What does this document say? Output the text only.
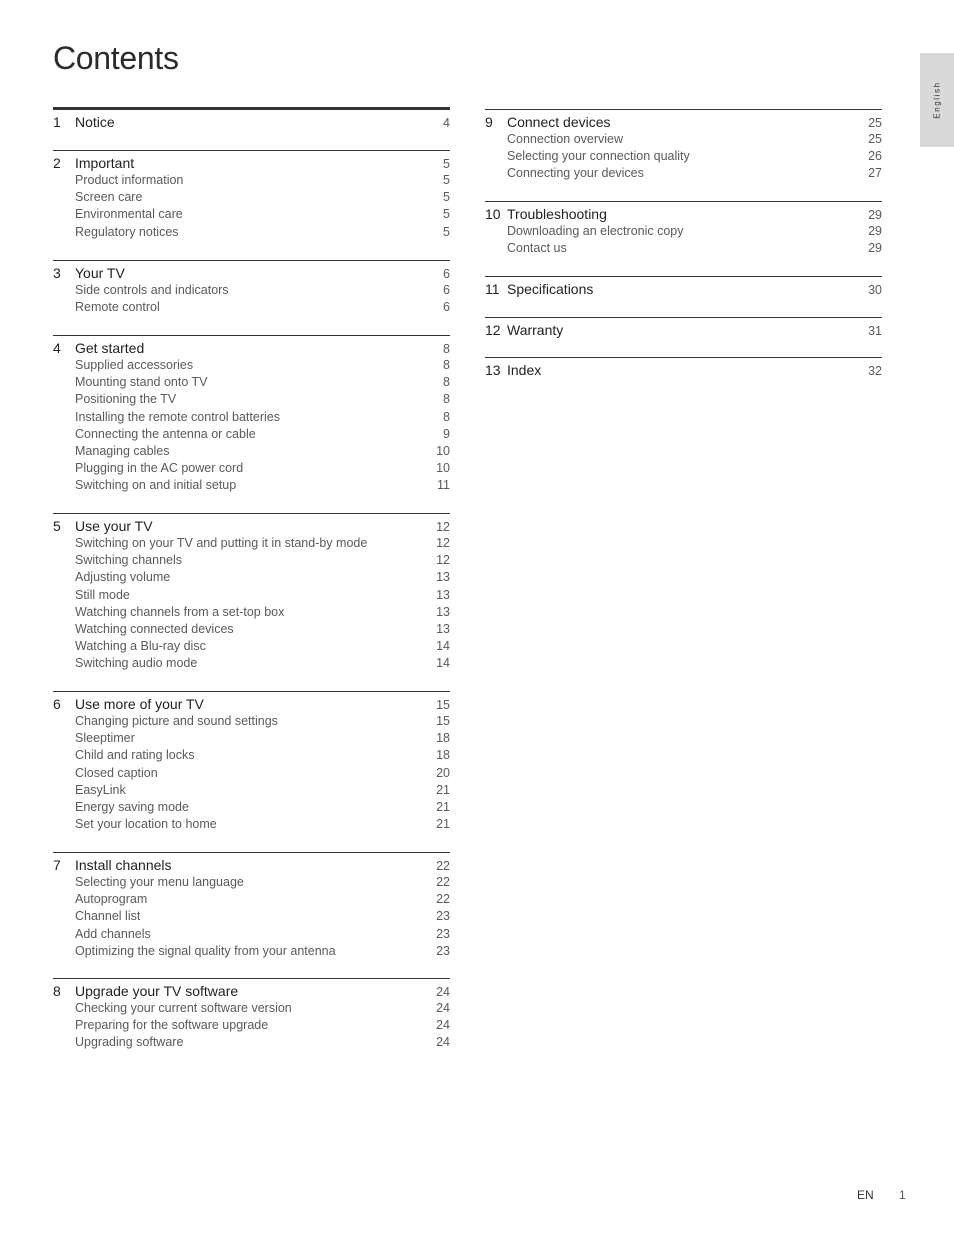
Contents
English
1 Notice	4
2 Important	5
Product information	5
Screen care	5
Environmental care	5
Regulatory notices	5
3 Your TV	6
Side controls and indicators	6
Remote control	6
4 Get started	8
Supplied accessories	8
Mounting stand onto TV	8
Positioning the TV	8
Installing the remote control batteries	8
Connecting the antenna or cable	9
Managing cables	10
Plugging in the AC power cord	10
Switching on and initial setup	11
5 Use your TV	12
Switching on your TV and putting it in stand-by mode	12
Switching channels	12
Adjusting volume	13
Still mode	13
Watching channels from a set-top box	13
Watching connected devices	13
Watching a Blu-ray disc	14
Switching audio mode	14
6 Use more of your TV	15
Changing picture and sound settings	15
Sleeptimer	18
Child and rating locks	18
Closed caption	20
EasyLink	21
Energy saving mode	21
Set your location to home	21
7 Install channels	22
Selecting your menu language	22
Autoprogram	22
Channel list	23
Add channels	23
Optimizing the signal quality from your antenna	23
8 Upgrade your TV software	24
Checking your current software version	24
Preparing for the software upgrade	24
Upgrading software	24
9 Connect devices	25
Connection overview	25
Selecting your connection quality	26
Connecting your devices	27
10 Troubleshooting	29
Downloading an electronic copy	29
Contact us	29
11 Specifications	30
12 Warranty	31
13 Index	32
EN 1
